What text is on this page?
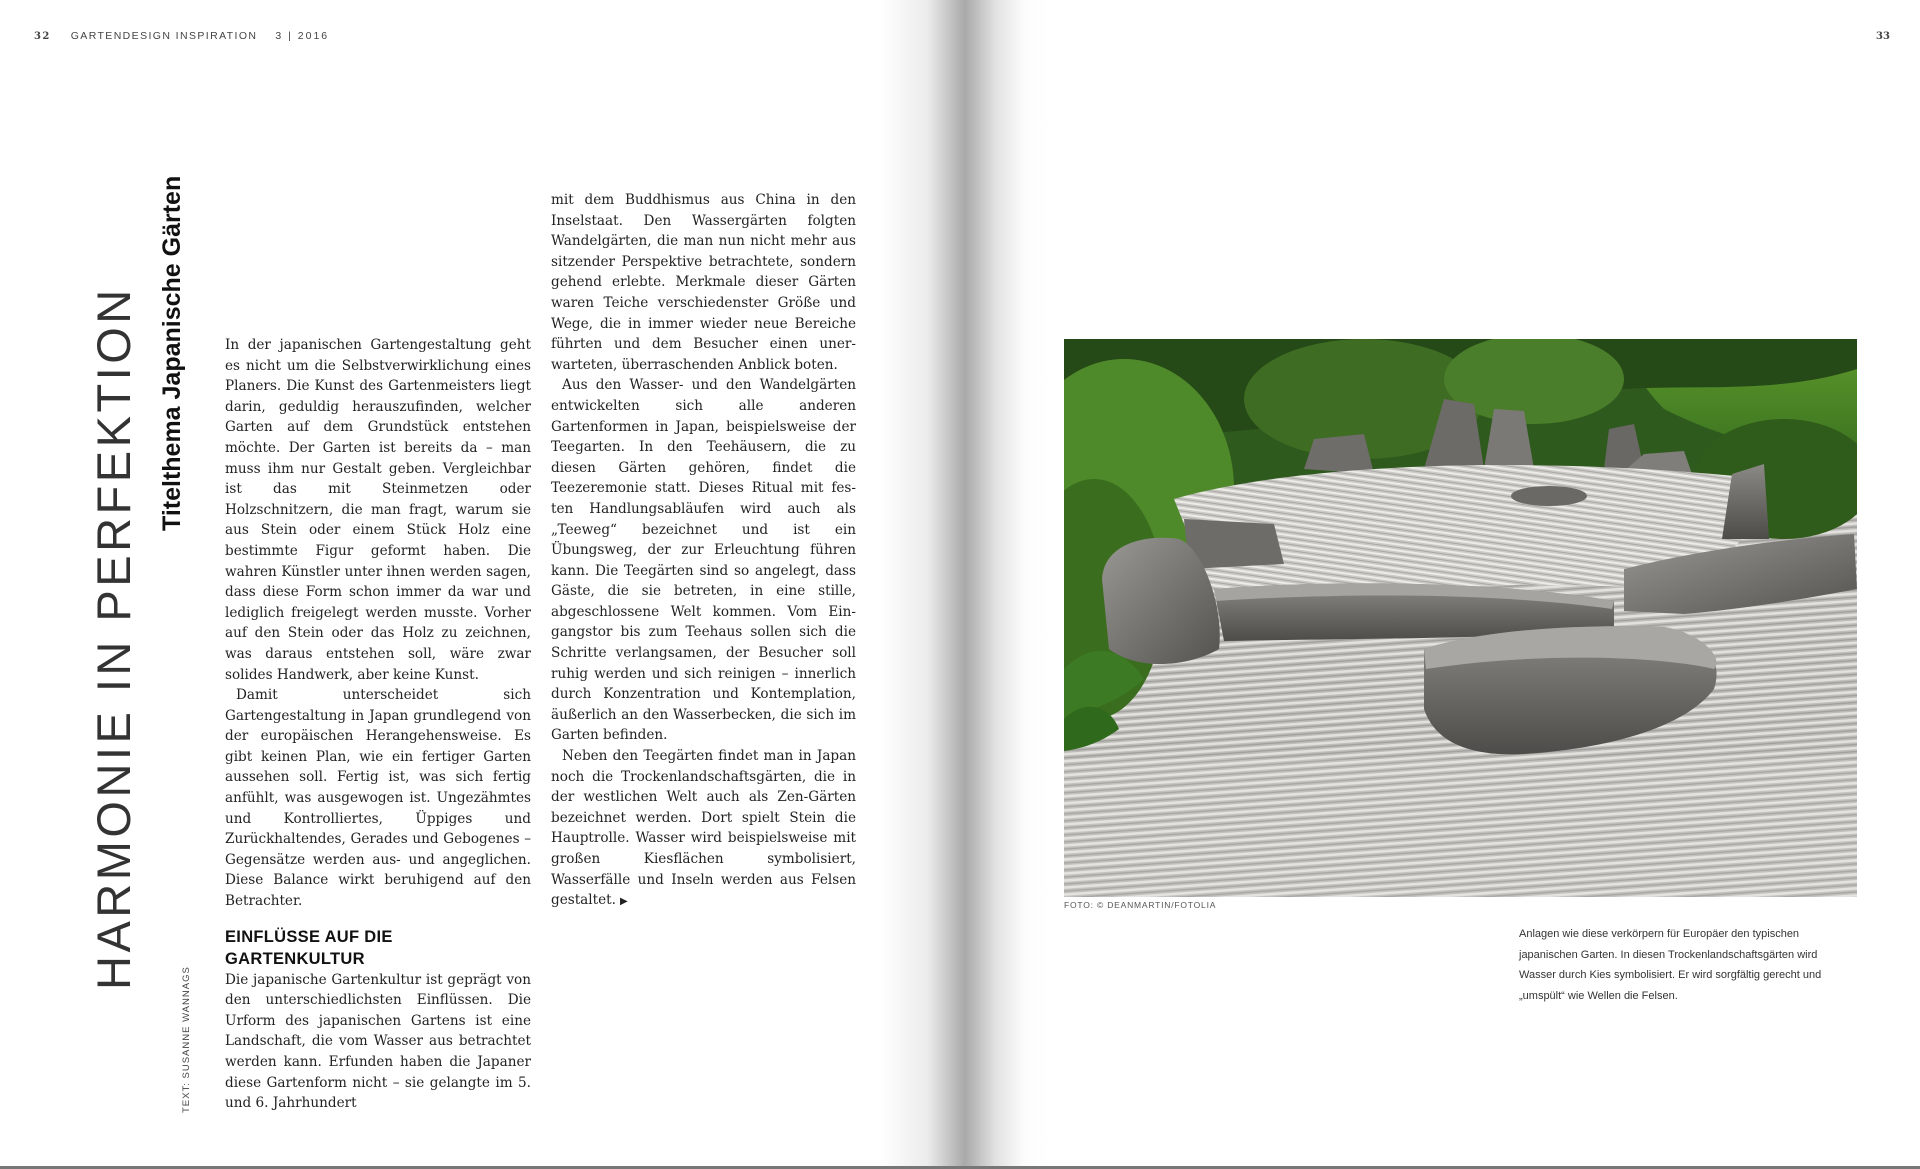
32 GARTENDESIGN INSPIRATION 3 | 2016	33
HARMONIE IN PERFEKTION Titelthema Japanische Gärten
TEXT: SUSANNE WANNAGS

In der japanischen Gartengestaltung geht es nicht um die Selbstverwirklichung eines Planers. Die Kunst des Gartenmeisters liegt darin, geduldig herauszufinden, welcher Garten auf dem Grundstück entstehen möchte. Der Garten ist bereits da – man muss ihm nur Gestalt geben. Vergleichbar ist das mit Steinmetzen oder Holzschnitzern, die man fragt, warum sie aus Stein oder einem Stück Holz eine bestimmte Figur geformt haben. Die wahren Künstler unter ihnen werden sagen, dass diese Form schon immer da war und lediglich freigelegt werden musste. Vorher auf den Stein oder das Holz zu zeichnen, was daraus entstehen soll, wäre zwar solides Handwerk, aber keine Kunst.

Damit unterscheidet sich Gartengestaltung in Japan grundlegend von der europäischen Herangehensweise. Es gibt keinen Plan, wie ein fertiger Garten aussehen soll. Fertig ist, was sich fertig anfühlt, was ausgewogen ist. Ungezähmtes und Kontrolliertes, Üppiges und Zurückhaltendes, Gerades und Gebogenes – Gegensätze werden aus- und angeglichen. Diese Balance wirkt beruhigend auf den Betrachter.

EINFLÜSSE AUF DIE GARTENKULTUR

Die japanische Gartenkultur ist geprägt von den unterschiedlichsten Einflüssen. Die Urform des japanischen Gartens ist eine Landschaft, die vom Wasser aus betrachtet werden kann. Erfunden haben die Japaner diese Gartenform nicht – sie gelangte im 5. und 6. Jahrhundert

mit dem Buddhismus aus China in den Inselstaat. Den Wassergärten folgten Wandelgärten, die man nun nicht mehr aus sitzender Perspektive betrachtete, sondern gehend erlebte. Merkmale dieser Gärten waren Teiche verschiedenster Größe und Wege, die in immer wieder neue Bereiche führten und dem Besucher einen unerwarteten, überraschenden Anblick boten.

Aus den Wasser- und den Wandelgärten entwickelten sich alle anderen Gartenformen in Japan, beispielsweise der Teegarten. In den Teehäusern, die zu diesen Gärten gehören, findet die Teezeremonie statt. Dieses Ritual mit festen Handlungsabläufen wird auch als „Teeweg“ bezeichnet und ist ein Übungsweg, der zur Erleuchtung führen kann. Die Teegärten sind so angelegt, dass Gäste, die sie betreten, in eine stille, abgeschlossene Welt kommen. Vom Eingangstor bis zum Teehaus sollen sich die Schritte verlangsamen, der Besucher soll ruhig werden und sich reinigen – innerlich durch Konzentration und Kontemplation, äußerlich an den Wasserbecken, die sich im Garten befinden.

Neben den Teegärten findet man in Japan noch die Trockenlandschaftsgärten, die in der westlichen Welt auch als Zen-Gärten bezeichnet werden. Dort spielt Stein die Hauptrolle. Wasser wird beispielsweise mit großen Kiesflächen symbolisiert, Wasserfälle und Inseln werden aus Felsen gestaltet. ▶	FOTO: © DEANMARTIN/FOTOLIA
Anlagen wie diese verkörpern für Europäer den typischen japanischen Garten. In diesen Trockenlandschaftsgärten wird Wasser durch Kies symbolisiert. Er wird sorgfältig gerecht und „umspült“ wie Wellen die Felsen.
